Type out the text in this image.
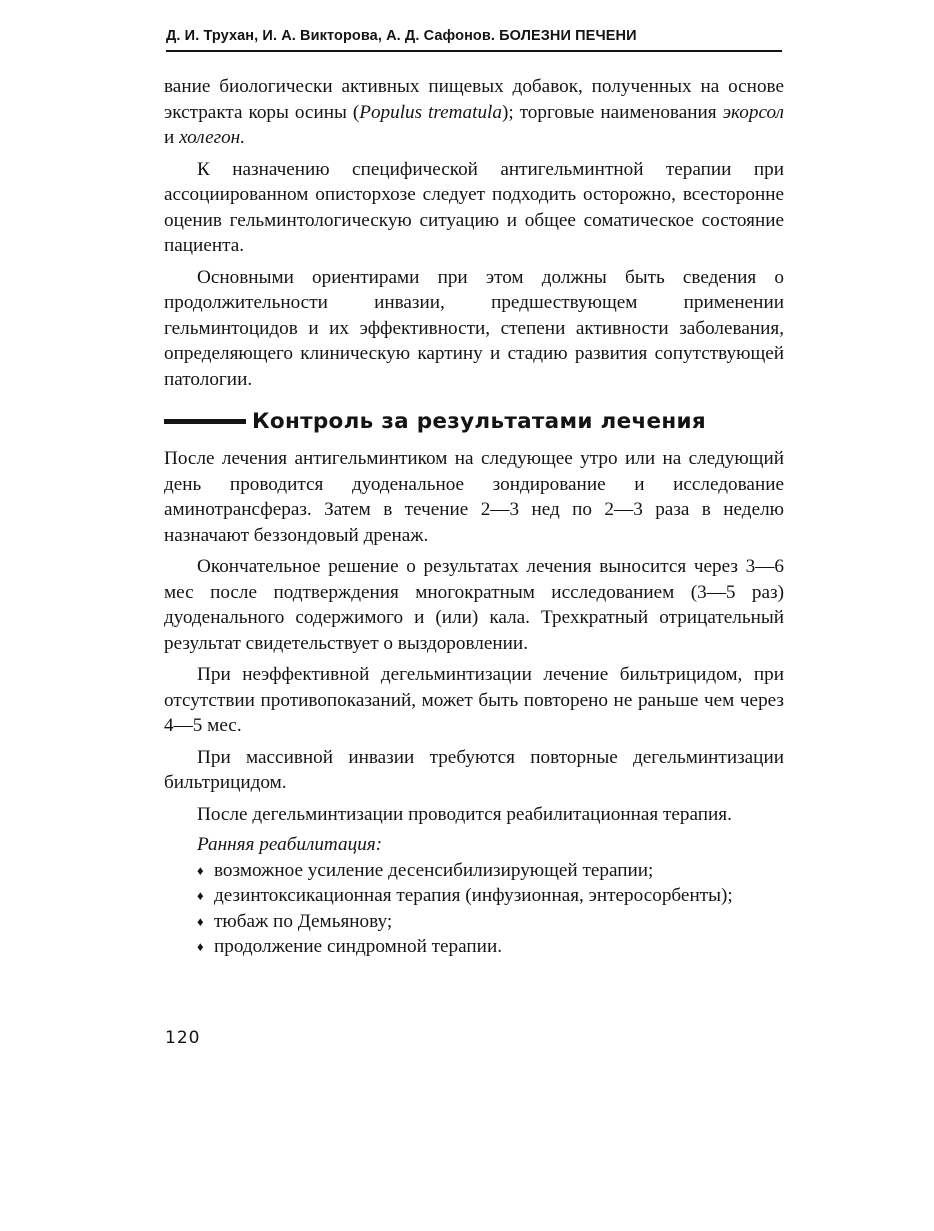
Д. И. Трухан, И. А. Викторова, А. Д. Сафонов. БОЛЕЗНИ ПЕЧЕНИ

вание биологически активных пищевых добавок, полученных на основе экстракта коры осины (Populus trematula); торговые наименования экорсол и холегон.

К назначению специфической антигельминтной терапии при ассоциированном описторхозе следует подходить осторожно, всесторонне оценив гельминтологическую ситуацию и общее соматическое состояние пациента.

Основными ориентирами при этом должны быть сведения о продолжительности инвазии, предшествующем применении гельминтоцидов и их эффективности, степени активности заболевания, определяющего клиническую картину и стадию развития сопутствующей патологии.

Контроль за результатами лечения

После лечения антигельминтиком на следующее утро или на следующий день проводится дуоденальное зондирование и исследование аминотрансфераз. Затем в течение 2—3 нед по 2—3 раза в неделю назначают беззондовый дренаж.

Окончательное решение о результатах лечения выносится через 3—6 мес после подтверждения многократным исследованием (3—5 раз) дуоденального содержимого и (или) кала. Трехкратный отрицательный результат свидетельствует о выздоровлении.

При неэффективной дегельминтизации лечение бильтрицидом, при отсутствии противопоказаний, может быть повторено не раньше чем через 4—5 мес.

При массивной инвазии требуются повторные дегельминтизации бильтрицидом.

После дегельминтизации проводится реабилитационная терапия.

Ранняя реабилитация:

♦ возможное усиление десенсибилизирующей терапии;
♦ дезинтоксикационная терапия (инфузионная, энтеросорбенты);
♦ тюбаж по Демьянову;
♦ продолжение синдромной терапии.
120
